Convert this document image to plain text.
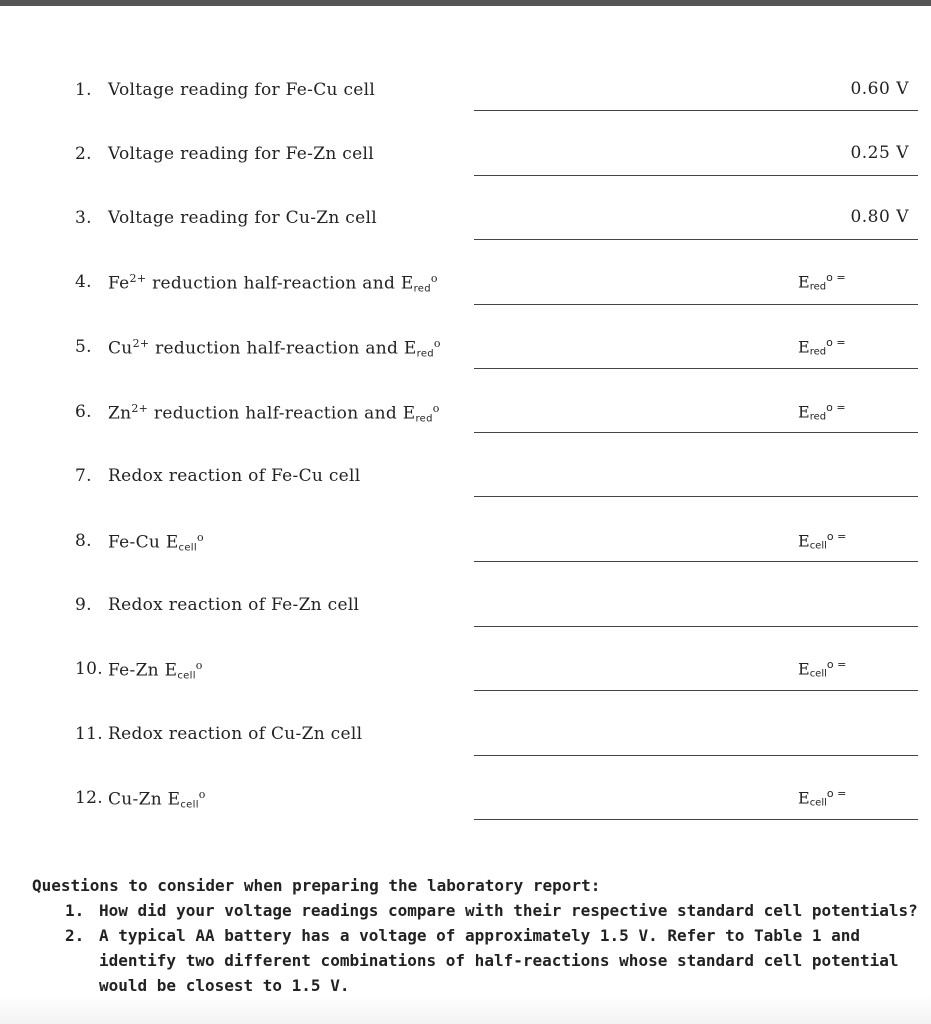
1. Voltage reading for Fe-Cu cell	0.60 V
2. Voltage reading for Fe-Zn cell	0.25 V
3. Voltage reading for Cu-Zn cell	0.80 V
4. $Fe^{2+}$ reduction half-reaction and Ered$^o$	$E_{red}^{o =}$
5. $Cu^{2+}$ reduction half-reaction and Ered$^o$	$E_{red}^{o =}$
6. $Zn^{2+}$ reduction half-reaction and Ered$^o$	$E_{red}^{o =}$
7. Redox reaction of Fe-Cu cell
8. Fe-Cu Ecell$^o$	$E_{cell}^{o =}$
9. Redox reaction of Fe-Zn cell
10. Fe-Zn Ecell$^o$	$E_{cell}^{o =}$
11. Redox reaction of Cu-Zn cell
12. Cu-Zn Ecell$^o$	$E_{cell}^{o =}$
Questions to consider when preparing the laboratory report:
1. How did your voltage readings compare with their respective standard cell potentials?
2. A typical AA battery has a voltage of approximately 1.5 V. Refer to Table 1 and identify two different combinations of half-reactions whose standard cell potential would be closest to 1.5 V.
